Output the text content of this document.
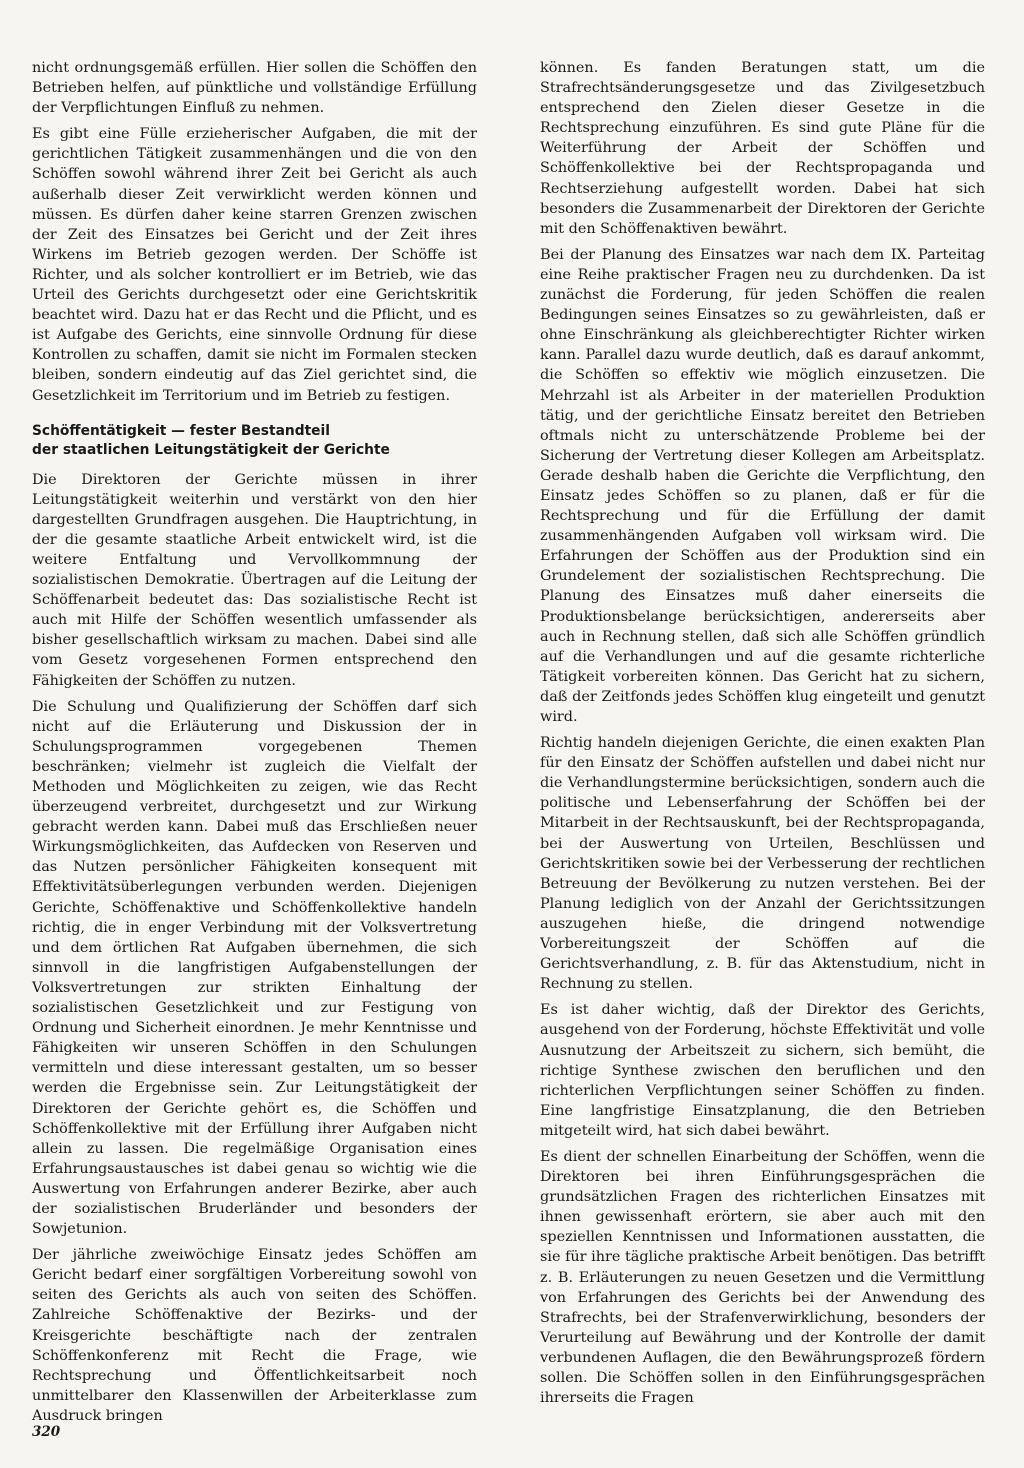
nicht ordnungsgemäß erfüllen. Hier sollen die Schöffen den Betrieben helfen, auf pünktliche und vollständige Erfüllung der Verpflichtungen Einfluß zu nehmen.

Es gibt eine Fülle erzieherischer Aufgaben, die mit der gerichtlichen Tätigkeit zusammenhängen und die von den Schöffen sowohl während ihrer Zeit bei Gericht als auch außerhalb dieser Zeit verwirklicht werden können und müssen. Es dürfen daher keine starren Grenzen zwischen der Zeit des Einsatzes bei Gericht und der Zeit ihres Wirkens im Betrieb gezogen werden. Der Schöffe ist Richter, und als solcher kontrolliert er im Betrieb, wie das Urteil des Gerichts durchgesetzt oder eine Gerichtskritik beachtet wird. Dazu hat er das Recht und die Pflicht, und es ist Aufgabe des Gerichts, eine sinnvolle Ordnung für diese Kontrollen zu schaffen, damit sie nicht im Formalen stecken bleiben, sondern eindeutig auf das Ziel gerichtet sind, die Gesetzlichkeit im Territorium und im Betrieb zu festigen.

Schöffentätigkeit — fester Bestandteil
der staatlichen Leitungstätigkeit der Gerichte

Die Direktoren der Gerichte müssen in ihrer Leitungstätigkeit weiterhin und verstärkt von den hier dargestellten Grundfragen ausgehen. Die Hauptrichtung, in der die gesamte staatliche Arbeit entwickelt wird, ist die weitere Entfaltung und Vervollkommnung der sozialistischen Demokratie. Übertragen auf die Leitung der Schöffenarbeit bedeutet das: Das sozialistische Recht ist auch mit Hilfe der Schöffen wesentlich umfassender als bisher gesellschaftlich wirksam zu machen. Dabei sind alle vom Gesetz vorgesehenen Formen entsprechend den Fähigkeiten der Schöffen zu nutzen.

Die Schulung und Qualifizierung der Schöffen darf sich nicht auf die Erläuterung und Diskussion der in Schulungsprogrammen vorgegebenen Themen beschränken; vielmehr ist zugleich die Vielfalt der Methoden und Möglichkeiten zu zeigen, wie das Recht überzeugend verbreitet, durchgesetzt und zur Wirkung gebracht werden kann. Dabei muß das Erschließen neuer Wirkungsmöglichkeiten, das Aufdecken von Reserven und das Nutzen persönlicher Fähigkeiten konsequent mit Effektivitätsüberlegungen verbunden werden. Diejenigen Gerichte, Schöffenaktive und Schöffenkollektive handeln richtig, die in enger Verbindung mit der Volksvertretung und dem örtlichen Rat Aufgaben übernehmen, die sich sinnvoll in die langfristigen Aufgabenstellungen der Volksvertretungen zur strikten Einhaltung der sozialistischen Gesetzlichkeit und zur Festigung von Ordnung und Sicherheit einordnen. Je mehr Kenntnisse und Fähigkeiten wir unseren Schöffen in den Schulungen vermitteln und diese interessant gestalten, um so besser werden die Ergebnisse sein. Zur Leitungstätigkeit der Direktoren der Gerichte gehört es, die Schöffen und Schöffenkollektive mit der Erfüllung ihrer Aufgaben nicht allein zu lassen. Die regelmäßige Organisation eines Erfahrungsaustausches ist dabei genau so wichtig wie die Auswertung von Erfahrungen anderer Bezirke, aber auch der sozialistischen Bruderländer und besonders der Sowjetunion.

Der jährliche zweiwöchige Einsatz jedes Schöffen am Gericht bedarf einer sorgfältigen Vorbereitung sowohl von seiten des Gerichts als auch von seiten des Schöffen. Zahlreiche Schöffenaktive der Bezirks- und der Kreisgerichte beschäftigte nach der zentralen Schöffenkonferenz mit Recht die Frage, wie Rechtsprechung und Öffentlichkeitsarbeit noch unmittelbarer den Klassenwillen der Arbeiterklasse zum Ausdruck bringen

können. Es fanden Beratungen statt, um die Strafrechtsänderungsgesetze und das Zivilgesetzbuch entsprechend den Zielen dieser Gesetze in die Rechtsprechung einzuführen. Es sind gute Pläne für die Weiterführung der Arbeit der Schöffen und Schöffenkollektive bei der Rechtspropaganda und Rechtserziehung aufgestellt worden. Dabei hat sich besonders die Zusammenarbeit der Direktoren der Gerichte mit den Schöffenaktiven bewährt.

Bei der Planung des Einsatzes war nach dem IX. Parteitag eine Reihe praktischer Fragen neu zu durchdenken. Da ist zunächst die Forderung, für jeden Schöffen die realen Bedingungen seines Einsatzes so zu gewährleisten, daß er ohne Einschränkung als gleichberechtigter Richter wirken kann. Parallel dazu wurde deutlich, daß es darauf ankommt, die Schöffen so effektiv wie möglich einzusetzen. Die Mehrzahl ist als Arbeiter in der materiellen Produktion tätig, und der gerichtliche Einsatz bereitet den Betrieben oftmals nicht zu unterschätzende Probleme bei der Sicherung der Vertretung dieser Kollegen am Arbeitsplatz. Gerade deshalb haben die Gerichte die Verpflichtung, den Einsatz jedes Schöffen so zu planen, daß er für die Rechtsprechung und für die Erfüllung der damit zusammenhängenden Aufgaben voll wirksam wird. Die Erfahrungen der Schöffen aus der Produktion sind ein Grundelement der sozialistischen Rechtsprechung. Die Planung des Einsatzes muß daher einerseits die Produktionsbelange berücksichtigen, andererseits aber auch in Rechnung stellen, daß sich alle Schöffen gründlich auf die Verhandlungen und auf die gesamte richterliche Tätigkeit vorbereiten können. Das Gericht hat zu sichern, daß der Zeitfonds jedes Schöffen klug eingeteilt und genutzt wird.

Richtig handeln diejenigen Gerichte, die einen exakten Plan für den Einsatz der Schöffen aufstellen und dabei nicht nur die Verhandlungstermine berücksichtigen, sondern auch die politische und Lebenserfahrung der Schöffen bei der Mitarbeit in der Rechtsauskunft, bei der Rechtspropaganda, bei der Auswertung von Urteilen, Beschlüssen und Gerichtskritiken sowie bei der Verbesserung der rechtlichen Betreuung der Bevölkerung zu nutzen verstehen. Bei der Planung lediglich von der Anzahl der Gerichtssitzungen auszugehen hieße, die dringend notwendige Vorbereitungszeit der Schöffen auf die Gerichtsverhandlung, z. B. für das Aktenstudium, nicht in Rechnung zu stellen.

Es ist daher wichtig, daß der Direktor des Gerichts, ausgehend von der Forderung, höchste Effektivität und volle Ausnutzung der Arbeitszeit zu sichern, sich bemüht, die richtige Synthese zwischen den beruflichen und den richterlichen Verpflichtungen seiner Schöffen zu finden. Eine langfristige Einsatzplanung, die den Betrieben mitgeteilt wird, hat sich dabei bewährt.

Es dient der schnellen Einarbeitung der Schöffen, wenn die Direktoren bei ihren Einführungsgesprächen die grundsätzlichen Fragen des richterlichen Einsatzes mit ihnen gewissenhaft erörtern, sie aber auch mit den speziellen Kenntnissen und Informationen ausstatten, die sie für ihre tägliche praktische Arbeit benötigen. Das betrifft z. B. Erläuterungen zu neuen Gesetzen und die Vermittlung von Erfahrungen des Gerichts bei der Anwendung des Strafrechts, bei der Strafenverwirklichung, besonders der Verurteilung auf Bewährung und der Kontrolle der damit verbundenen Auflagen, die den Bewährungsprozeß fördern sollen. Die Schöffen sollen in den Einführungsgesprächen ihrerseits die Fragen

320
